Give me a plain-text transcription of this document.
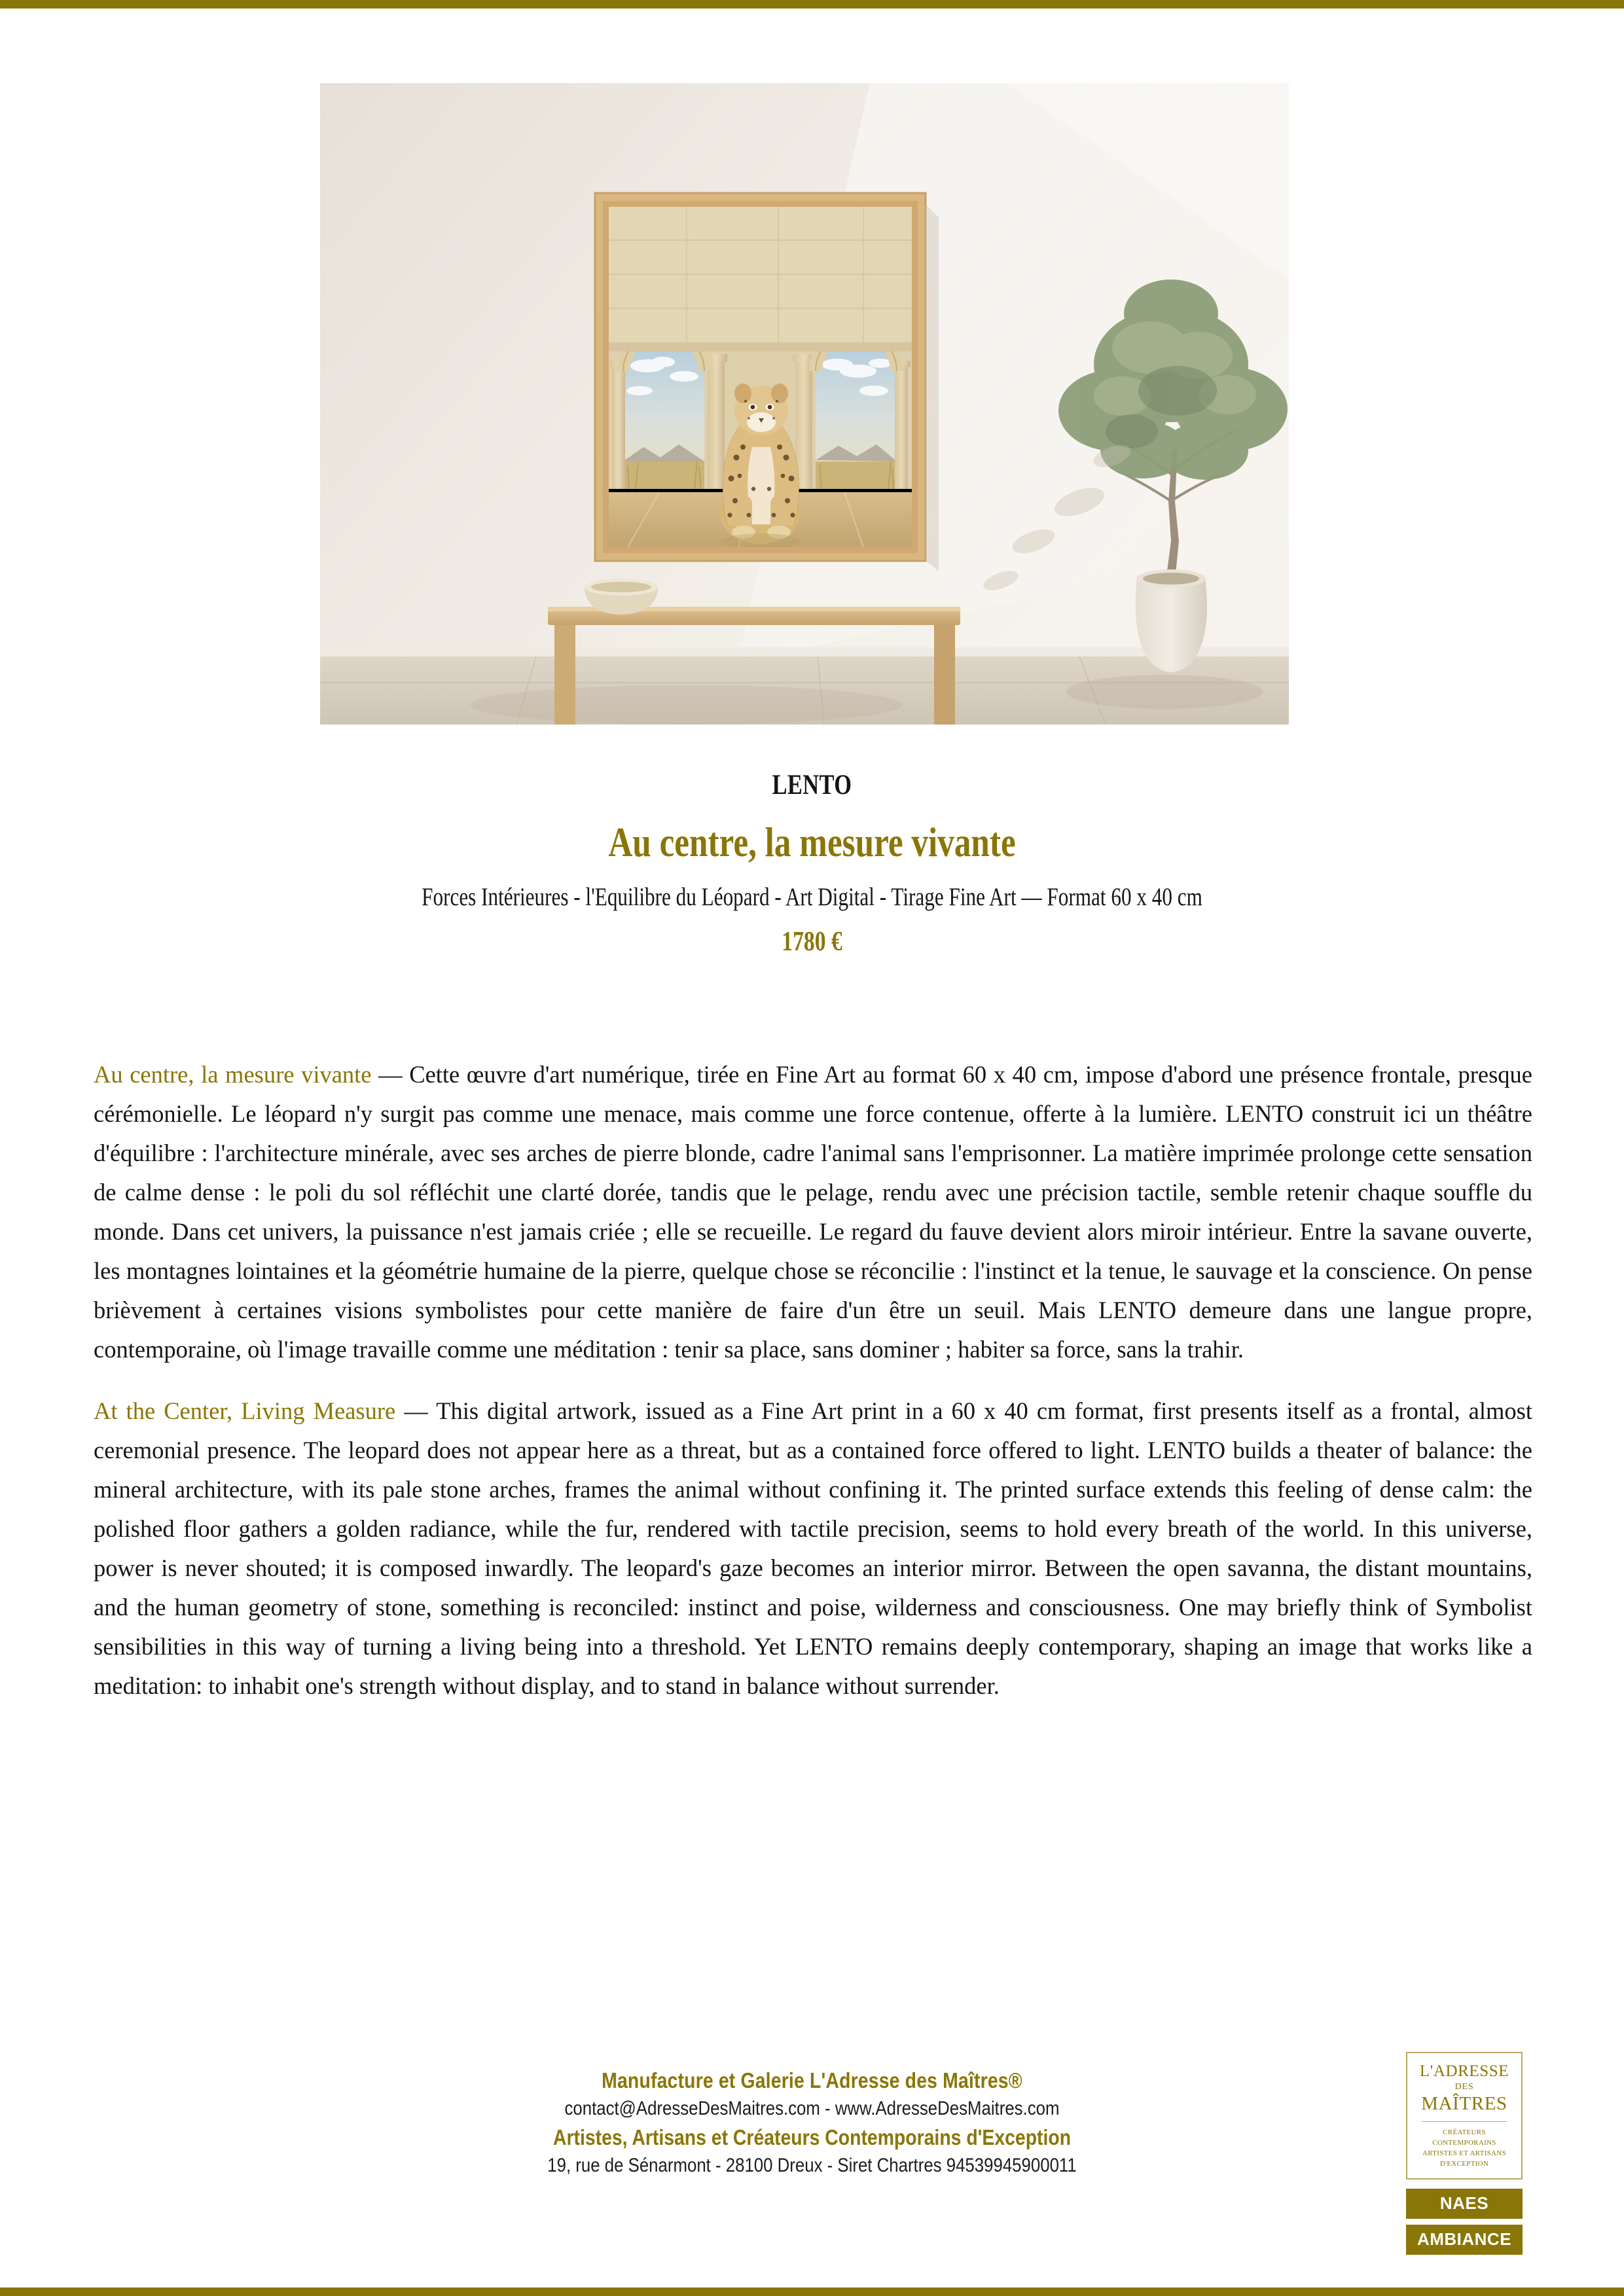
LENTO
Au centre, la mesure vivante
Forces Intérieures - l'Equilibre du Léopard - Art Digital - Tirage Fine Art — Format 60 x 40 cm
1780 €

Au centre, la mesure vivante — Cette œuvre d'art numérique, tirée en Fine Art au format 60 x 40 cm, impose d'abord une présence frontale, presque cérémonielle. Le léopard n'y surgit pas comme une menace, mais comme une force contenue, offerte à la lumière. LENTO construit ici un théâtre d'équilibre : l'architecture minérale, avec ses arches de pierre blonde, cadre l'animal sans l'emprisonner. La matière imprimée prolonge cette sensation de calme dense : le poli du sol réfléchit une clarté dorée, tandis que le pelage, rendu avec une précision tactile, semble retenir chaque souffle du monde. Dans cet univers, la puissance n'est jamais criée ; elle se recueille. Le regard du fauve devient alors miroir intérieur. Entre la savane ouverte, les montagnes lointaines et la géométrie humaine de la pierre, quelque chose se réconcilie : l'instinct et la tenue, le sauvage et la conscience. On pense brièvement à certaines visions symbolistes pour cette manière de faire d'un être un seuil. Mais LENTO demeure dans une langue propre, contemporaine, où l'image travaille comme une méditation : tenir sa place, sans dominer ; habiter sa force, sans la trahir.

At the Center, Living Measure — This digital artwork, issued as a Fine Art print in a 60 x 40 cm format, first presents itself as a frontal, almost ceremonial presence. The leopard does not appear here as a threat, but as a contained force offered to light. LENTO builds a theater of balance: the mineral architecture, with its pale stone arches, frames the animal without confining it. The printed surface extends this feeling of dense calm: the polished floor gathers a golden radiance, while the fur, rendered with tactile precision, seems to hold every breath of the world. In this universe, power is never shouted; it is composed inwardly. The leopard's gaze becomes an interior mirror. Between the open savanna, the distant mountains, and the human geometry of stone, something is reconciled: instinct and poise, wilderness and consciousness. One may briefly think of Symbolist sensibilities in this way of turning a living being into a threshold. Yet LENTO remains deeply contemporary, shaping an image that works like a meditation: to inhabit one's strength without display, and to stand in balance without surrender.

Manufacture et Galerie L'Adresse des Maîtres®
contact@AdresseDesMaitres.com - www.AdresseDesMaitres.com
Artistes, Artisans et Créateurs Contemporains d'Exception
19, rue de Sénarmont - 28100 Dreux - Siret Chartres 94539945900011
L'ADRESSE
DES
MAÎTRES
CRÉATEURS CONTEMPORAINS
ARTISTES ET ARTISANS
D'EXCEPTION
NAES
AMBIANCE
